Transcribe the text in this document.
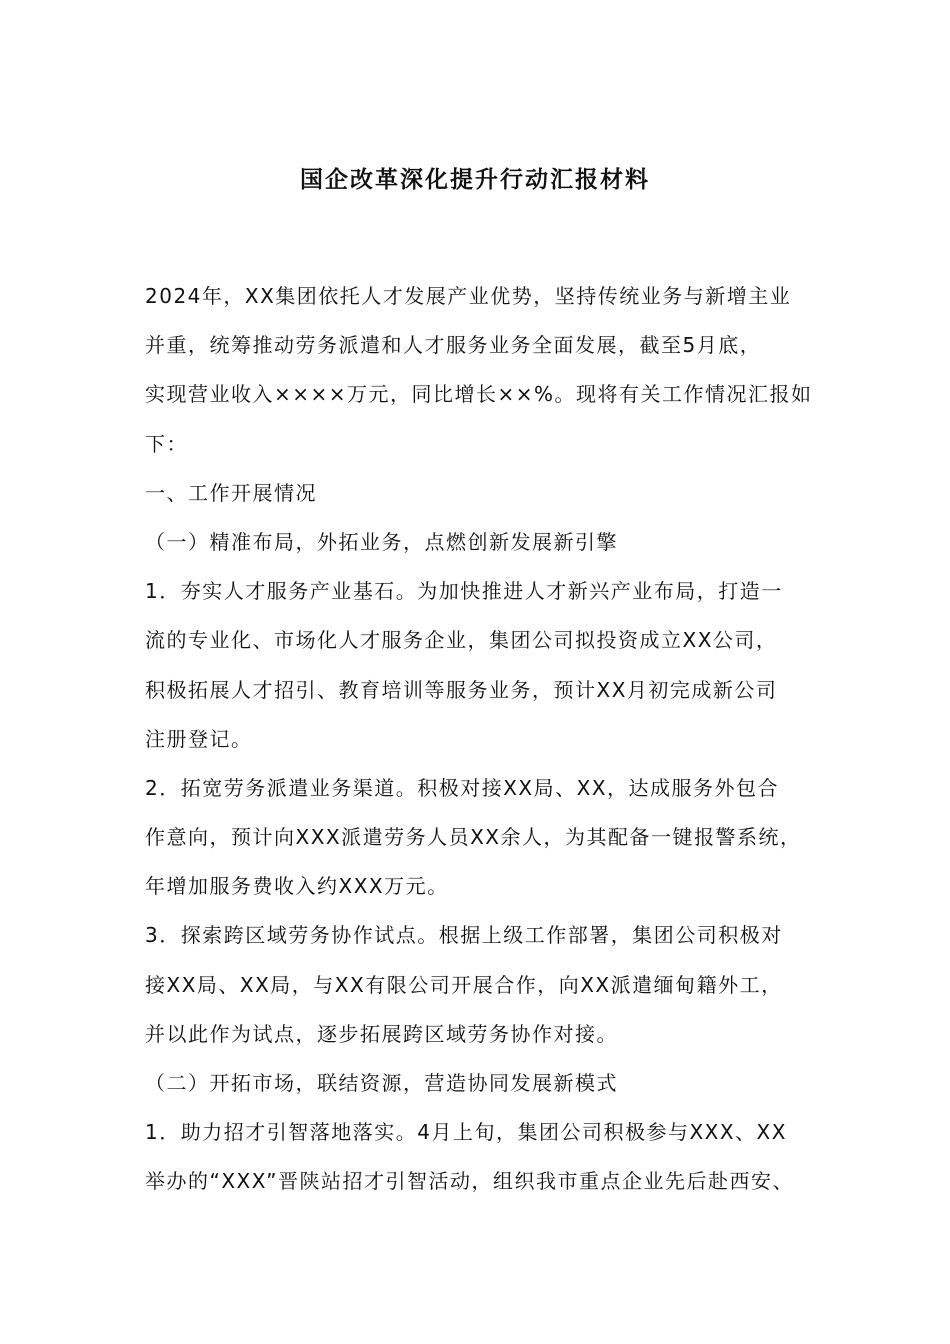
国企改革深化提升行动汇报材料
2024年，XX集团依托人才发展产业优势，坚持传统业务与新增主业
并重，统筹推动劳务派遣和人才服务业务全面发展，截至5月底，
实现营业收入××××万元，同比增长××%。现将有关工作情况汇报如
下：
一、工作开展情况
（一）精准布局，外拓业务，点燃创新发展新引擎
1．夯实人才服务产业基石。为加快推进人才新兴产业布局，打造一
流的专业化、市场化人才服务企业，集团公司拟投资成立XX公司，
积极拓展人才招引、教育培训等服务业务，预计XX月初完成新公司
注册登记。
2．拓宽劳务派遣业务渠道。积极对接XX局、XX，达成服务外包合
作意向，预计向XXX派遣劳务人员XX余人，为其配备一键报警系统，
年增加服务费收入约XXX万元。
3．探索跨区域劳务协作试点。根据上级工作部署，集团公司积极对
接XX局、XX局，与XX有限公司开展合作，向XX派遣缅甸籍外工，
并以此作为试点，逐步拓展跨区域劳务协作对接。
（二）开拓市场，联结资源，营造协同发展新模式
1．助力招才引智落地落实。4月上旬，集团公司积极参与XXX、XX
举办的“XXX”晋陕站招才引智活动，组织我市重点企业先后赴西安、
